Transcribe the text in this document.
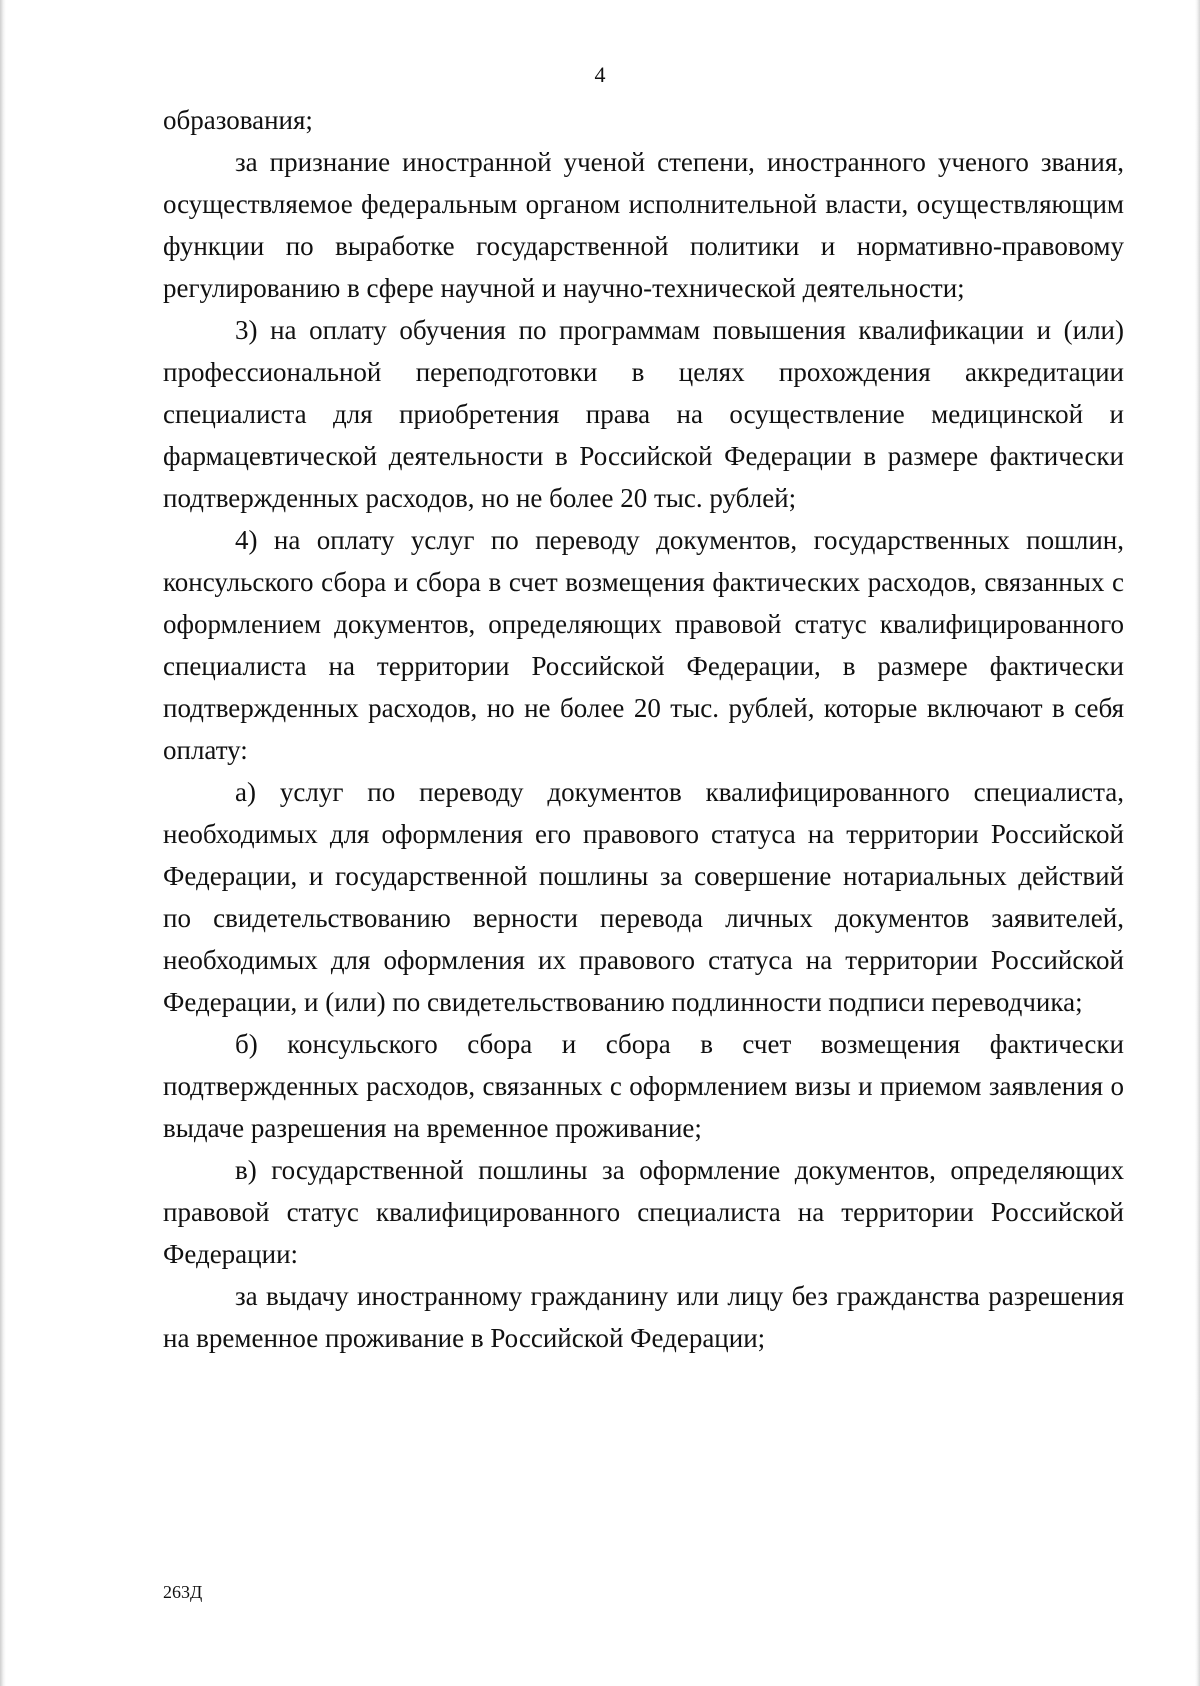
4

образования;

за признание иностранной ученой степени, иностранного ученого звания, осуществляемое федеральным органом исполнительной власти, осуществляющим функции по выработке государственной политики и нормативно-правовому регулированию в сфере научной и научно-технической деятельности;

3) на оплату обучения по программам повышения квалификации и (или) профессиональной переподготовки в целях прохождения аккредитации специалиста для приобретения права на осуществление медицинской и фармацевтической деятельности в Российской Федерации в размере фактически подтвержденных расходов, но не более 20 тыс. рублей;

4) на оплату услуг по переводу документов, государственных пошлин, консульского сбора и сбора в счет возмещения фактических расходов, связанных с оформлением документов, определяющих правовой статус квалифицированного специалиста на территории Российской Федерации, в размере фактически подтвержденных расходов, но не более 20 тыс. рублей, которые включают в себя оплату:

а) услуг по переводу документов квалифицированного специалиста, необходимых для оформления его правового статуса на территории Российской Федерации, и государственной пошлины за совершение нотариальных действий по свидетельствованию верности перевода личных документов заявителей, необходимых для оформления их правового статуса на территории Российской Федерации, и (или) по свидетельствованию подлинности подписи переводчика;

б) консульского сбора и сбора в счет возмещения фактически подтвержденных расходов, связанных с оформлением визы и приемом заявления о выдаче разрешения на временное проживание;

в) государственной пошлины за оформление документов, определяющих правовой статус квалифицированного специалиста на территории Российской Федерации:

за выдачу иностранному гражданину или лицу без гражданства разрешения на временное проживание в Российской Федерации;

263Д
